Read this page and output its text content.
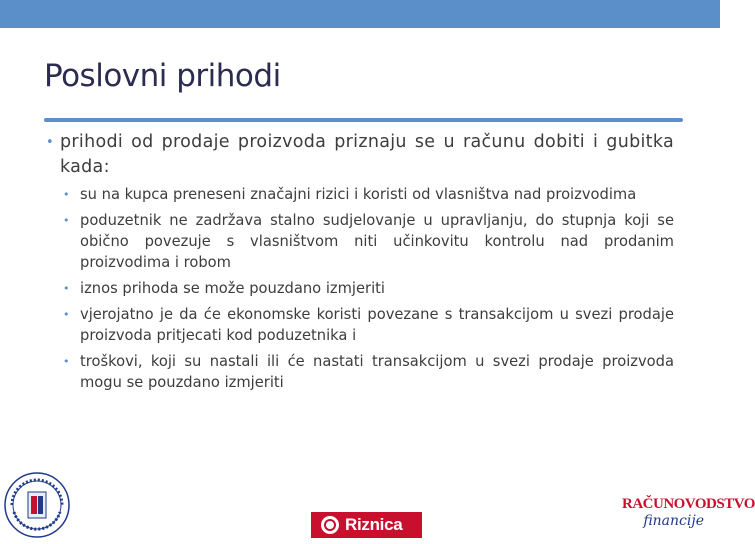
Poslovni prihodi
• prihodi od prodaje proizvoda priznaju se u računu dobiti i gubitka kada:
• su na kupca preneseni značajni rizici i koristi od vlasništva nad proizvodima
• poduzetnik ne zadržava stalno sudjelovanje u upravljanju, do stupnja koji se obično povezuje s vlasništvom niti učinkovitu kontrolu nad prodanim proizvodima i robom
• iznos prihoda se može pouzdano izmjeriti
• vjerojatno je da će ekonomske koristi povezane s transakcijom u svezi prodaje proizvoda pritjecati kod poduzetnika i
• troškovi, koji su nastali ili će nastati transakcijom u svezi prodaje proizvoda mogu se pouzdano izmjeriti
Riznica
RAČUNOVODSTVO
financije
